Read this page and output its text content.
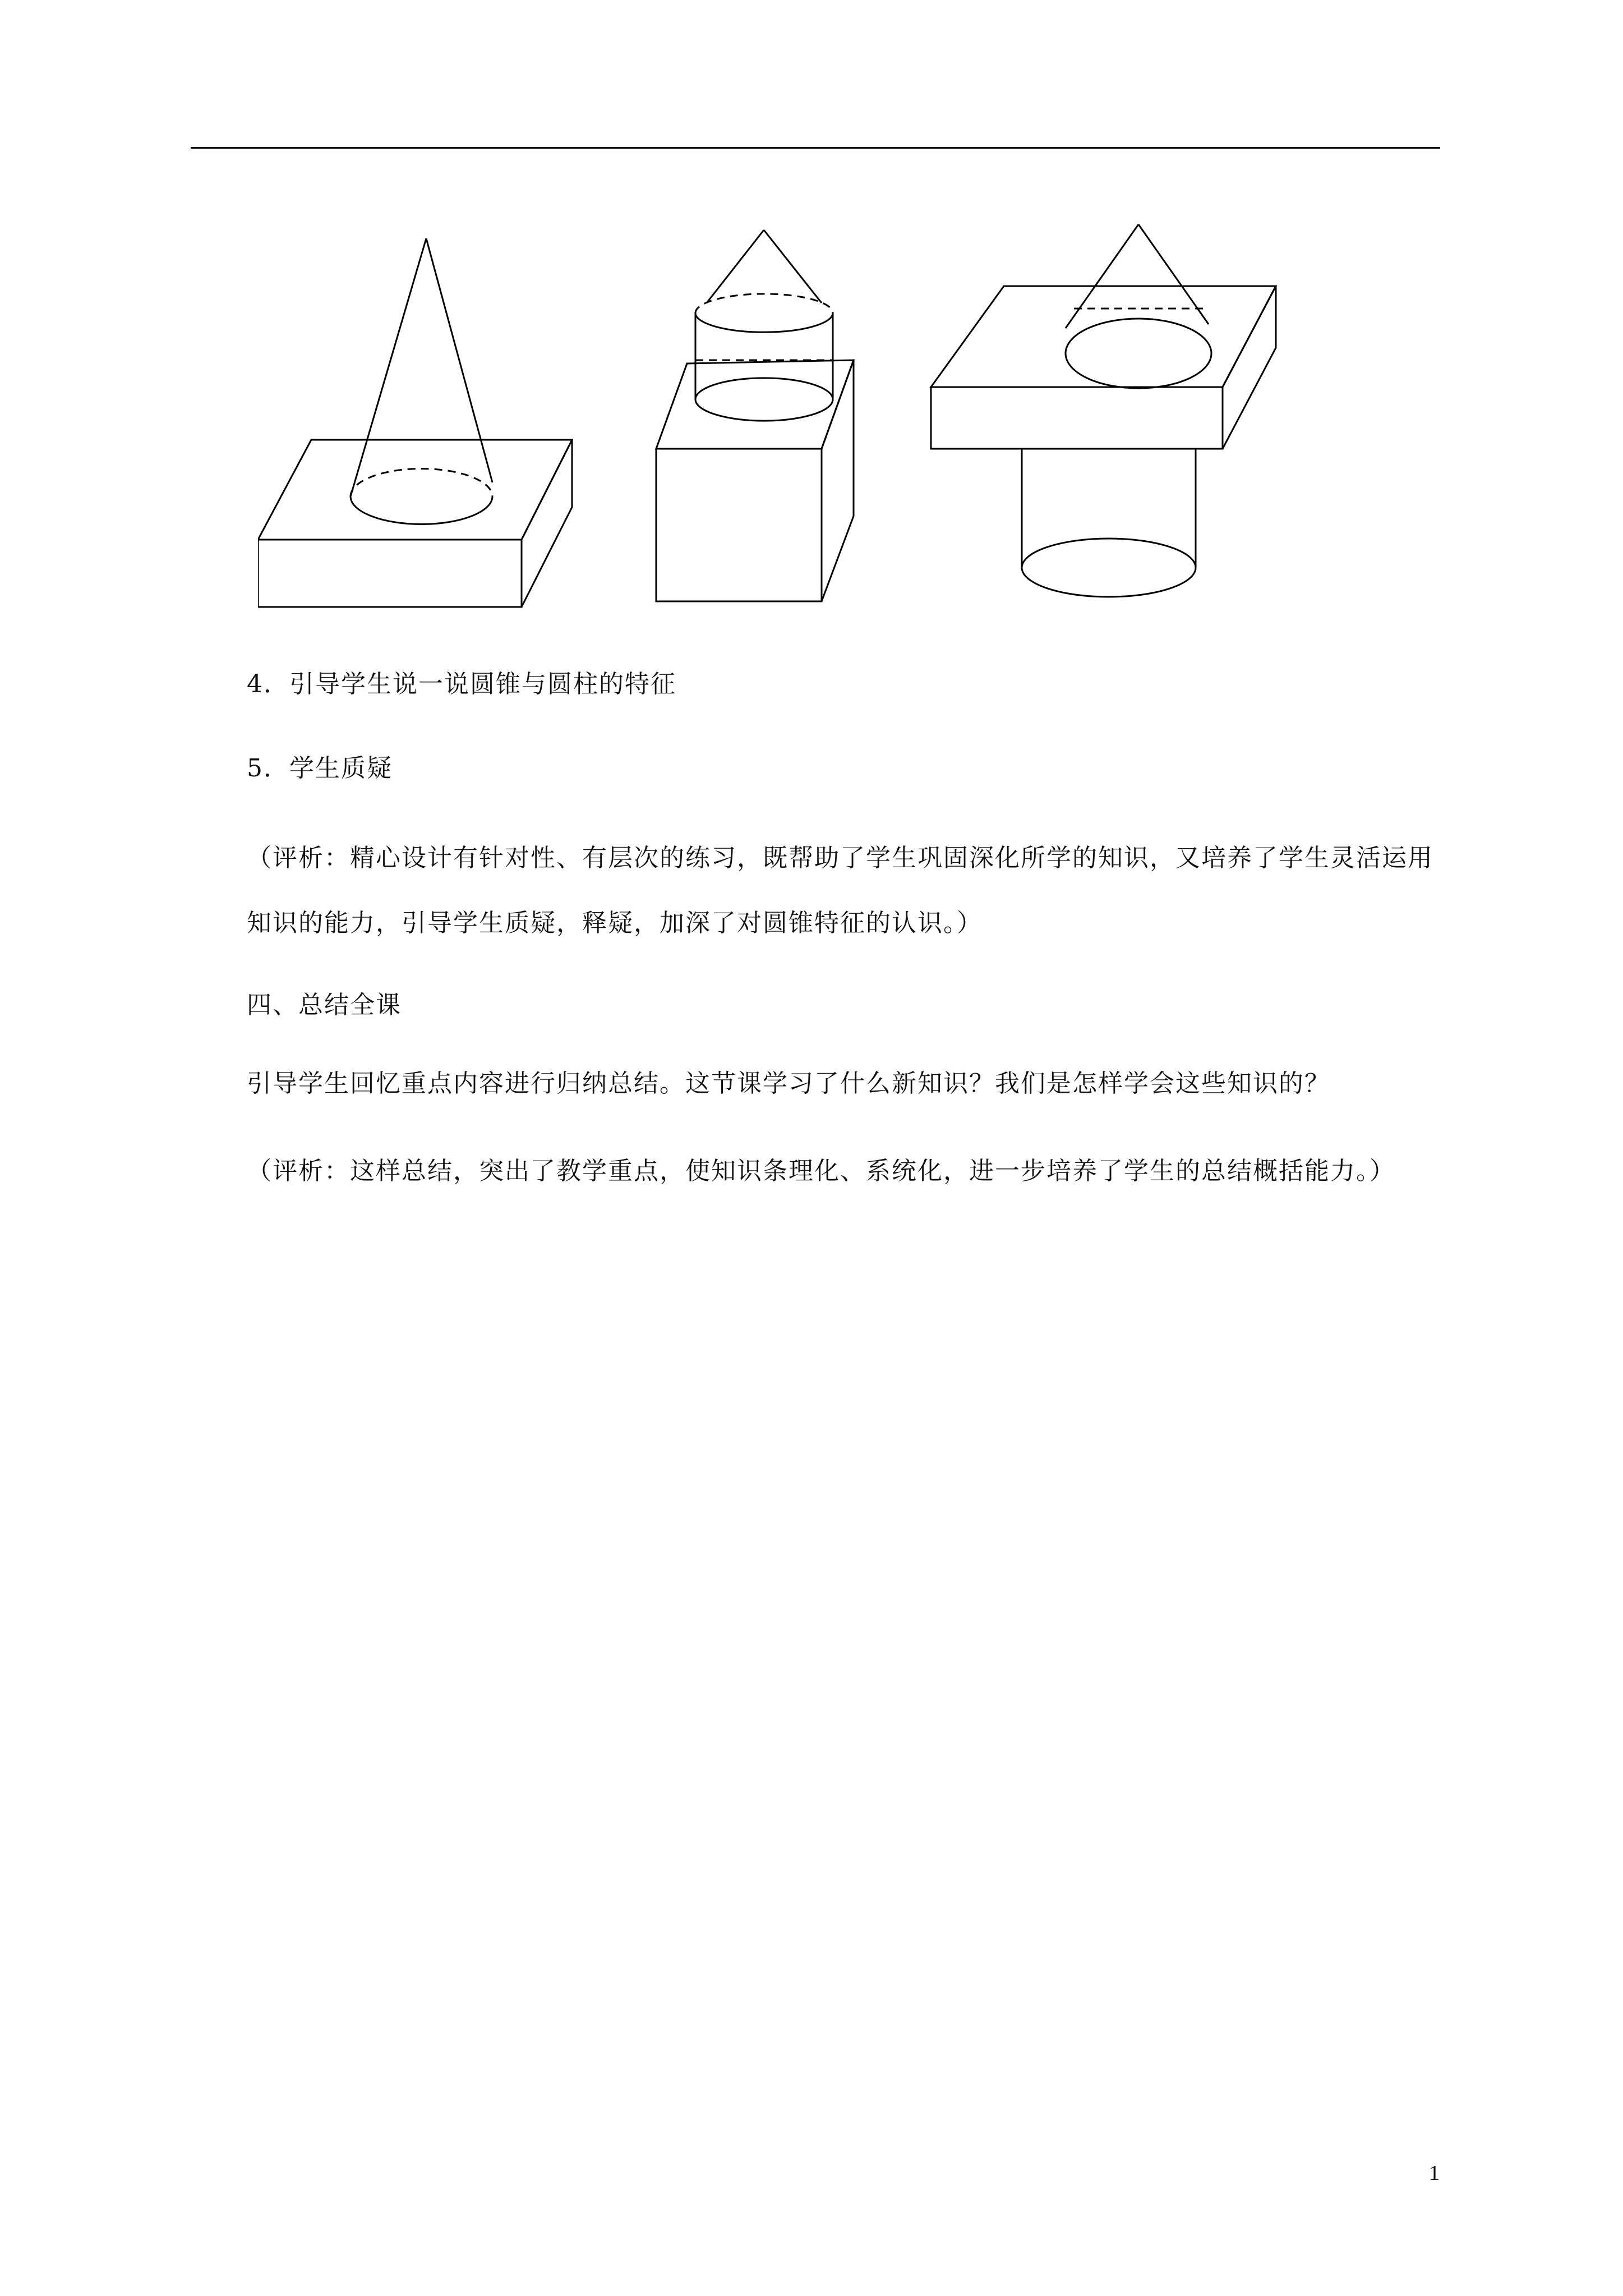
4．引导学生说一说圆锥与圆柱的特征
5．学生质疑
（评析：精心设计有针对性、有层次的练习，既帮助了学生巩固深化所学的知识，又培养了学生灵活运用知识的能力，引导学生质疑，释疑，加深了对圆锥特征的认识。）
四、总结全课
引导学生回忆重点内容进行归纳总结。这节课学习了什么新知识？我们是怎样学会这些知识的？
（评析：这样总结，突出了教学重点，使知识条理化、系统化，进一步培养了学生的总结概括能力。）
1
